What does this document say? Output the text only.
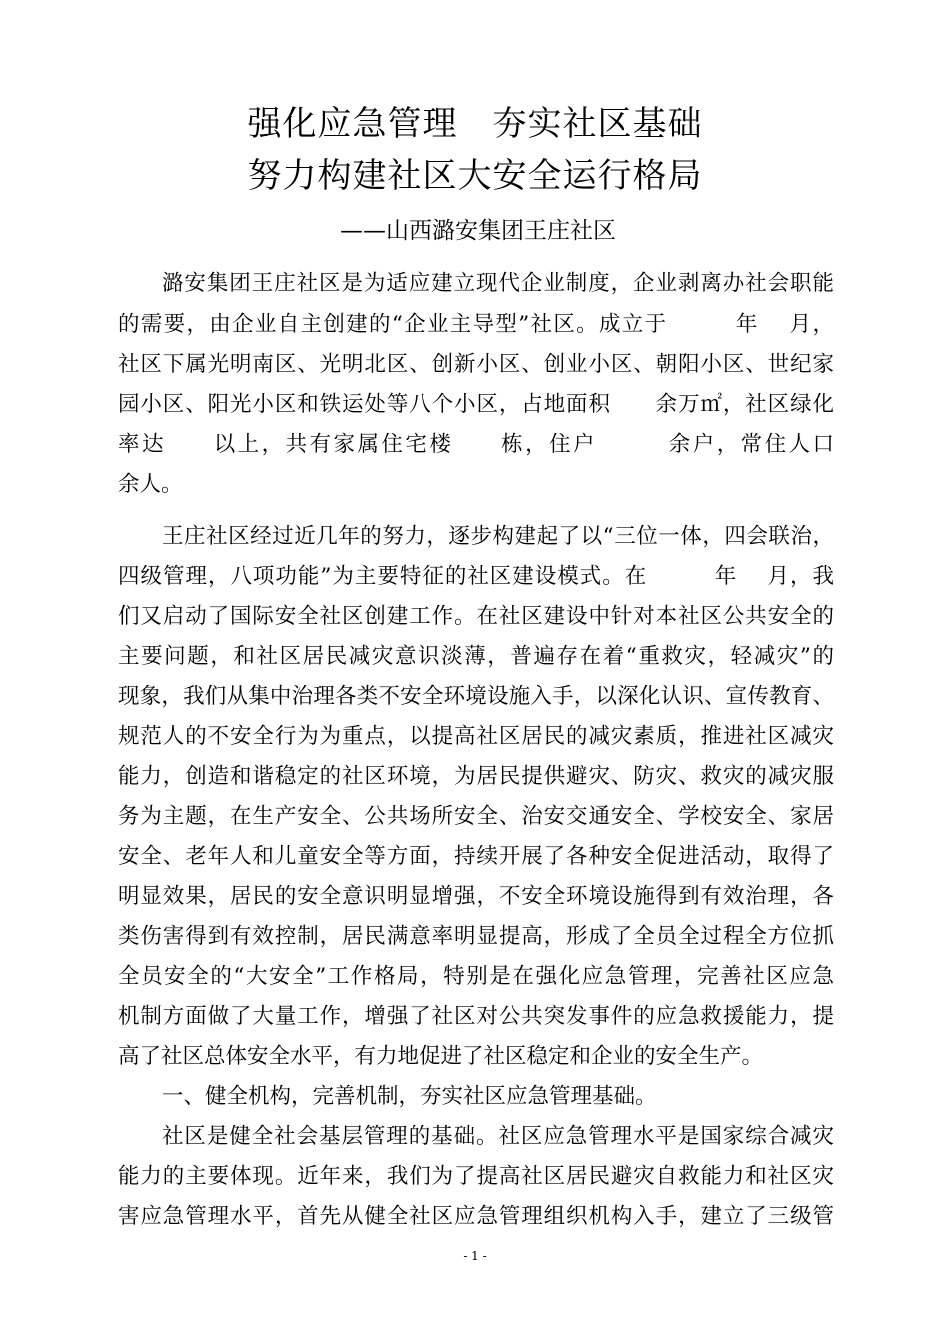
强化应急管理　夯实社区基础
努力构建社区大安全运行格局
——山西潞安集团王庄社区
潞安集团王庄社区是为适应建立现代企业制度，企业剥离办社会职能
的需要，由企业自主创建的“企业主导型”社区。成立于　　　年　 月，
社区下属光明南区、光明北区、创新小区、创业小区、朝阳小区、世纪家
园小区、阳光小区和铁运处等八个小区，占地面积　　余万㎡，社区绿化
率达　　以上，共有家属住宅楼　　栋，住户　　　余户，常住人口　　　
余人。
王庄社区经过近几年的努力，逐步构建起了以“三位一体，四会联治，
四级管理，八项功能”为主要特征的社区建设模式。在　　　年　 月，我
们又启动了国际安全社区创建工作。在社区建设中针对本社区公共安全的
主要问题，和社区居民减灾意识淡薄，普遍存在着“重救灾，轻减灾”的
现象，我们从集中治理各类不安全环境设施入手，以深化认识、宣传教育、
规范人的不安全行为为重点，以提高社区居民的减灾素质，推进社区减灾
能力，创造和谐稳定的社区环境，为居民提供避灾、防灾、救灾的减灾服
务为主题，在生产安全、公共场所安全、治安交通安全、学校安全、家居
安全、老年人和儿童安全等方面，持续开展了各种安全促进活动，取得了
明显效果，居民的安全意识明显增强，不安全环境设施得到有效治理，各
类伤害得到有效控制，居民满意率明显提高，形成了全员全过程全方位抓
全员安全的“大安全”工作格局，特别是在强化应急管理，完善社区应急
机制方面做了大量工作，增强了社区对公共突发事件的应急救援能力，提
高了社区总体安全水平，有力地促进了社区稳定和企业的安全生产。
一、健全机构，完善机制，夯实社区应急管理基础。
社区是健全社会基层管理的基础。社区应急管理水平是国家综合减灾
能力的主要体现。近年来，我们为了提高社区居民避灾自救能力和社区灾
害应急管理水平，首先从健全社区应急管理组织机构入手，建立了三级管
- 1 -
